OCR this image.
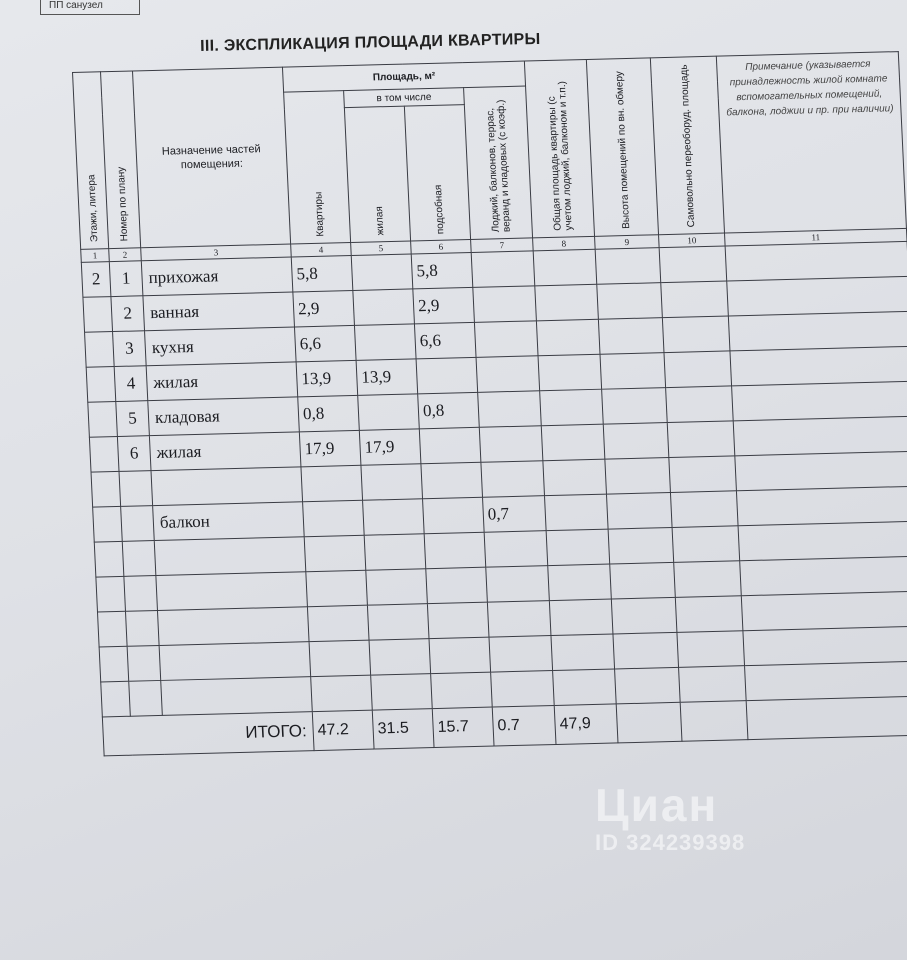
ПП санузел
III. ЭКСПЛИКАЦИЯ ПЛОЩАДИ КВАРТИРЫ
Этажи, литера	Номер по плану	Назначение частей помещения:	Площадь, м²				Общая площадь квартиры (с учетом лоджий, балконом и т.п.)	Высота помещений по вн. обмеру	Самовольно переоборуд. площадь	Примечание (указывается принадлежность жилой комнате вспомогательных помещений, балкона, лоджии и пр. при наличии)

			Квартиры	в том числе		Лоджий, балконов, террас, веранд и кладовых (с коэф.)				

				жилая	подсобная					

1	2	3	4	5	6	7	8	9	10	11
2	1	прихожая	5,8		5,8					
	2	ванная	2,9		2,9					
	3	кухня	6,6		6,6					
	4	жилая	13,9	13,9						
	5	кладовая	0,8		0,8					
	6	жилая	17,9	17,9						

		балкон				0,7				

ИТОГО:			47.2	31.5	15.7	0.7	47,9			
Циан
ID 324239398
